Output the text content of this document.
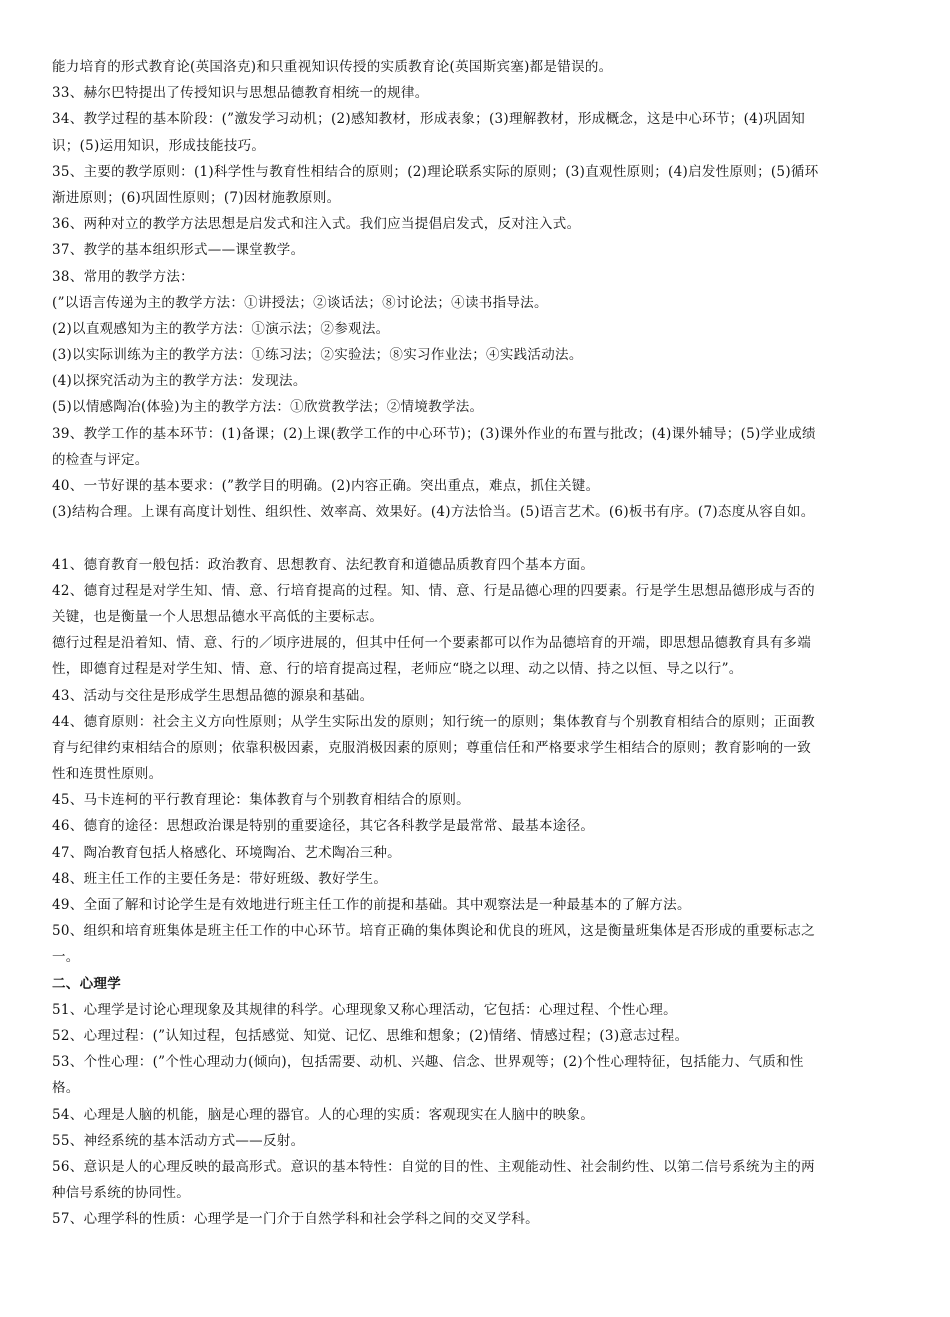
能力培育的形式教育论(英国洛克)和只重视知识传授的实质教育论(英国斯宾塞)都是错误的。
33、赫尔巴特提出了传授知识与思想品德教育相统一的规律。
34、教学过程的基本阶段：(”激发学习动机；(2)感知教材，形成表象；(3)理解教材，形成概念，这是中心环节；(4)巩固知
识；(5)运用知识，形成技能技巧。
35、主要的教学原则：(1)科学性与教育性相结合的原则；(2)理论联系实际的原则；(3)直观性原则；(4)启发性原则；(5)循环
渐进原则；(6)巩固性原则；(7)因材施教原则。
36、两种对立的教学方法思想是启发式和注入式。我们应当提倡启发式，反对注入式。
37、教学的基本组织形式——课堂教学。
38、常用的教学方法：
(”以语言传递为主的教学方法：①讲授法；②谈话法；⑧讨论法；④读书指导法。
(2)以直观感知为主的教学方法：①演示法；②参观法。
(3)以实际训练为主的教学方法：①练习法；②实验法；⑧实习作业法；④实践活动法。
(4)以探究活动为主的教学方法：发现法。
(5)以情感陶冶(体验)为主的教学方法：①欣赏教学法；②情境教学法。
39、教学工作的基本环节：(1)备课；(2)上课(教学工作的中心环节)；(3)课外作业的布置与批改；(4)课外辅导；(5)学业成绩
的检查与评定。
40、一节好课的基本要求：(”教学目的明确。(2)内容正确。突出重点，难点，抓住关键。
(3)结构合理。上课有高度计划性、组织性、效率高、效果好。(4)方法恰当。(5)语言艺术。(6)板书有序。(7)态度从容自如。
41、德育教育一般包括：政治教育、思想教育、法纪教育和道德品质教育四个基本方面。
42、德育过程是对学生知、情、意、行培育提高的过程。知、情、意、行是品德心理的四要素。行是学生思想品德形成与否的
关键，也是衡量一个人思想品德水平高低的主要标志。
德行过程是沿着知、情、意、行的／顷序进展的，但其中任何一个要素都可以作为品德培育的开端，即思想品德教育具有多端
性，即德育过程是对学生知、情、意、行的培育提高过程，老师应“晓之以理、动之以情、持之以恒、导之以行”。
43、活动与交往是形成学生思想品德的源泉和基础。
44、德育原则：社会主义方向性原则；从学生实际出发的原则；知行统一的原则；集体教育与个别教育相结合的原则；正面教
育与纪律约束相结合的原则；依靠积极因素，克服消极因素的原则；尊重信任和严格要求学生相结合的原则；教育影响的一致
性和连贯性原则。
45、马卡连柯的平行教育理论：集体教育与个别教育相结合的原则。
46、德育的途径：思想政治课是特别的重要途径，其它各科教学是最常常、最基本途径。
47、陶冶教育包括人格感化、环境陶冶、艺术陶冶三种。
48、班主任工作的主要任务是：带好班级、教好学生。
49、全面了解和讨论学生是有效地进行班主任工作的前提和基础。其中观察法是一种最基本的了解方法。
50、组织和培育班集体是班主任工作的中心环节。培育正确的集体舆论和优良的班风，这是衡量班集体是否形成的重要标志之
一。
二、心理学
51、心理学是讨论心理现象及其规律的科学。心理现象又称心理活动，它包括：心理过程、个性心理。
52、心理过程：(”认知过程，包括感觉、知觉、记忆、思维和想象；(2)情绪、情感过程；(3)意志过程。
53、个性心理：(”个性心理动力(倾向)，包括需要、动机、兴趣、信念、世界观等；(2)个性心理特征，包括能力、气质和性
格。
54、心理是人脑的机能，脑是心理的器官。人的心理的实质：客观现实在人脑中的映象。
55、神经系统的基本活动方式——反射。
56、意识是人的心理反映的最高形式。意识的基本特性：自觉的目的性、主观能动性、社会制约性、以第二信号系统为主的两
种信号系统的协同性。
57、心理学科的性质：心理学是一门介于自然学科和社会学科之间的交叉学科。
